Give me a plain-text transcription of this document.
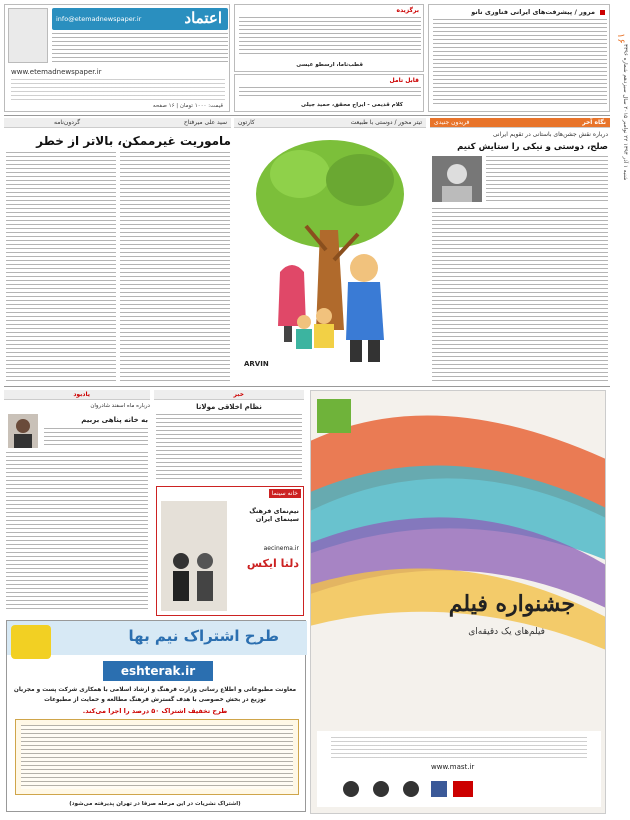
۱۶
شنبه ۱ آذر ۱۳۹۴ ۲۲ نوامبر ۲۰۱۵ سال سیزدهم شماره ۳۳۹۶
اعتماد
info@etemadnewspaper.ir
www.etemadnewspaper.ir
قیمت: ۱۰۰۰ تومان | ۱۶ صفحه
برگزیده
قطب‌ناما، ارسطو عیسی
قابل تامل
کلام قدیمی - ایراج محقق، حمید جیلی
مرور / پیشرفت‌های ایرانی فناوری نانو
گردون‌نامه	سید علی میرفتاح
ماموریت غیرممکن، بالاتر از خطر
کارتون	تیتر محور / دوستی با طبیعت
ARVIN
نگاه آخر
فریدون جنیدی
درباره نقش جشن‌های باستانی در تقویم ایرانی
صلح، دوستی و نیکی را ستایش کنیم
یادبود
درباره ماه اسفند شادروان
به خانه پناهی بربیم
خبر
نظام اخلاقی مولانا
خانه سینما
نیم‌نمای فرهنگ سینمای ایران
دلتا ایکس
aecinema.ir
جشنواره فیلم
فیلم‌های یک دقیقه‌ای
www.mast.ir
طرح اشتراک نیم بها
eshterak.ir
معاونت مطبوعاتی و اطلاع رسانی وزارت فرهنگ و ارشاد اسلامی با همکاری شرکت پست و مجریان
توزیع در بخش خصوصی با هدف گسترش فرهنگ مطالعه و حمایت از مطبوعات
طرح تخفیف اشتراک ۵۰ درصد را اجرا می‌کند.
(اشتراک نشریات در این مرحله صرفا در تهران پذیرفته می‌شود)
